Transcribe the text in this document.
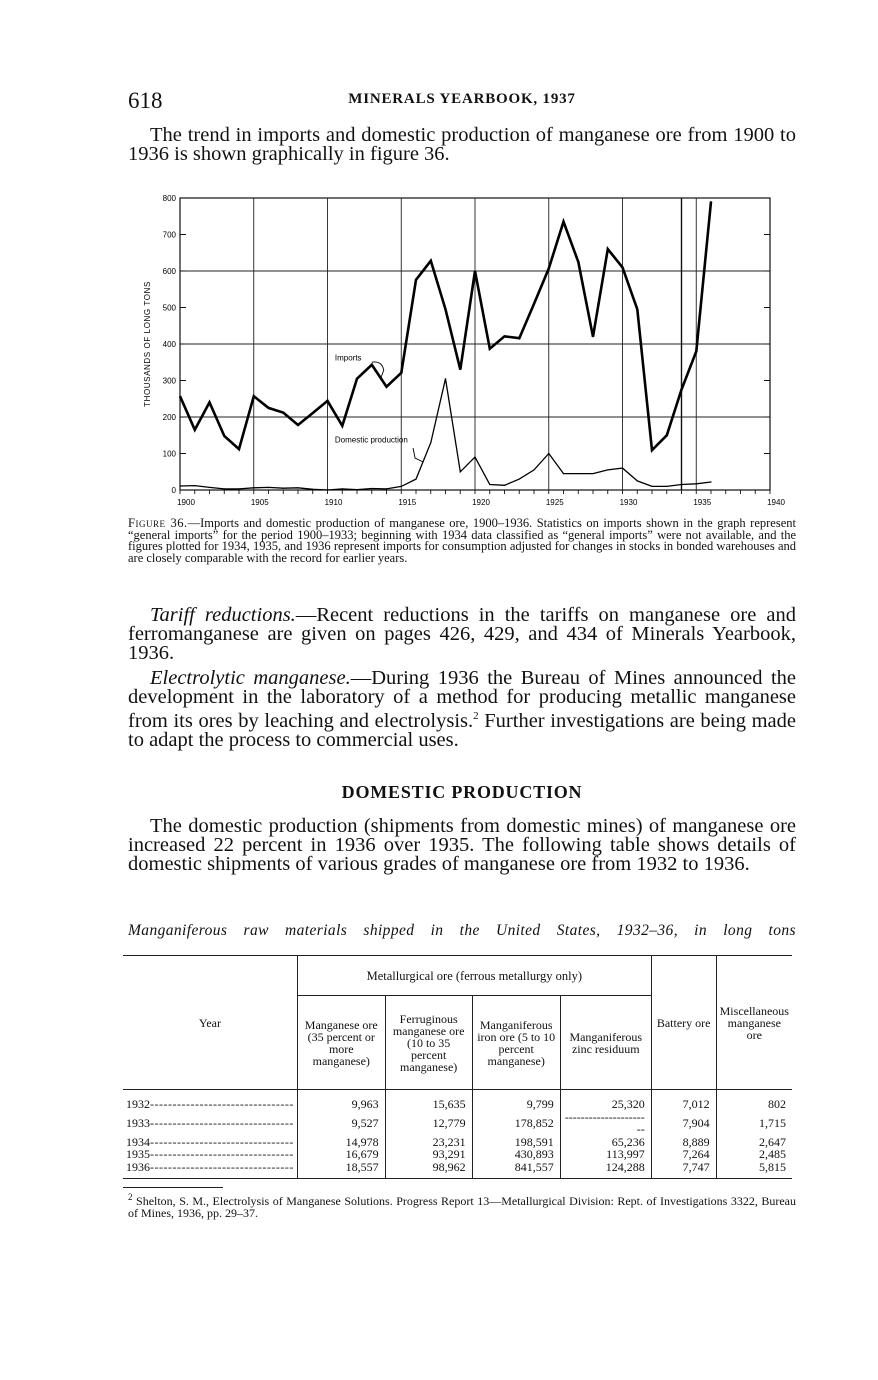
618	MINERALS YEARBOOK, 1937

The trend in imports and domestic production of manganese ore from 1900 to 1936 is shown graphically in figure 36.

0
100
200
300
400
500
600
700
800
1900	1905	1910	1915	1920	1925	1930	1935	1940
THOUSANDS OF LONG TONS	Imports
Domestic production

Figure 36.—Imports and domestic production of manganese ore, 1900–1936. Statistics on imports shown in the graph represent “general imports” for the period 1900–1933; beginning with 1934 data classified as “general imports” were not available, and the figures plotted for 1934, 1935, and 1936 represent imports for consumption adjusted for changes in stocks in bonded warehouses and are closely comparable with the record for earlier years.

Tariff reductions.—Recent reductions in the tariffs on manganese ore and ferromanganese are given on pages 426, 429, and 434 of Minerals Yearbook, 1936.

Electrolytic manganese.—During 1936 the Bureau of Mines announced the development in the laboratory of a method for producing metallic manganese from its ores by leaching and electrolysis.$^2$ Further investigations are being made to adapt the process to commercial uses.

DOMESTIC PRODUCTION

The domestic production (shipments from domestic mines) of manganese ore increased 22 percent in 1936 over 1935. The following table shows details of domestic shipments of various grades of manganese ore from 1932 to 1936.

Manganiferous raw materials shipped in the United States, 1932–36, in long tons
Year	Metallurgical ore (ferrous metallurgy only)				Battery ore	Miscellaneous manganese ore
	Manganese ore (35 percent or more manganese)	Ferruginous manganese ore (10 to 35 percent manganese)	Manganiferous iron ore (5 to 10 percent manganese)	Manganiferous zinc residuum		
1932--------------------------------	9,963	15,635	9,799	25,320	7,012	802
1933--------------------------------	9,527	12,779	178,852	----------------------	7,904	1,715
1934--------------------------------	14,978	23,231	198,591	65,236	8,889	2,647
1935--------------------------------	16,679	93,291	430,893	113,997	7,264	2,485
1936--------------------------------	18,557	98,962	841,557	124,288	7,747	5,815

$^2$ Shelton, S. M., Electrolysis of Manganese Solutions. Progress Report 13—Metallurgical Division: Rept. of Investigations 3322, Bureau of Mines, 1936, pp. 29–37.
